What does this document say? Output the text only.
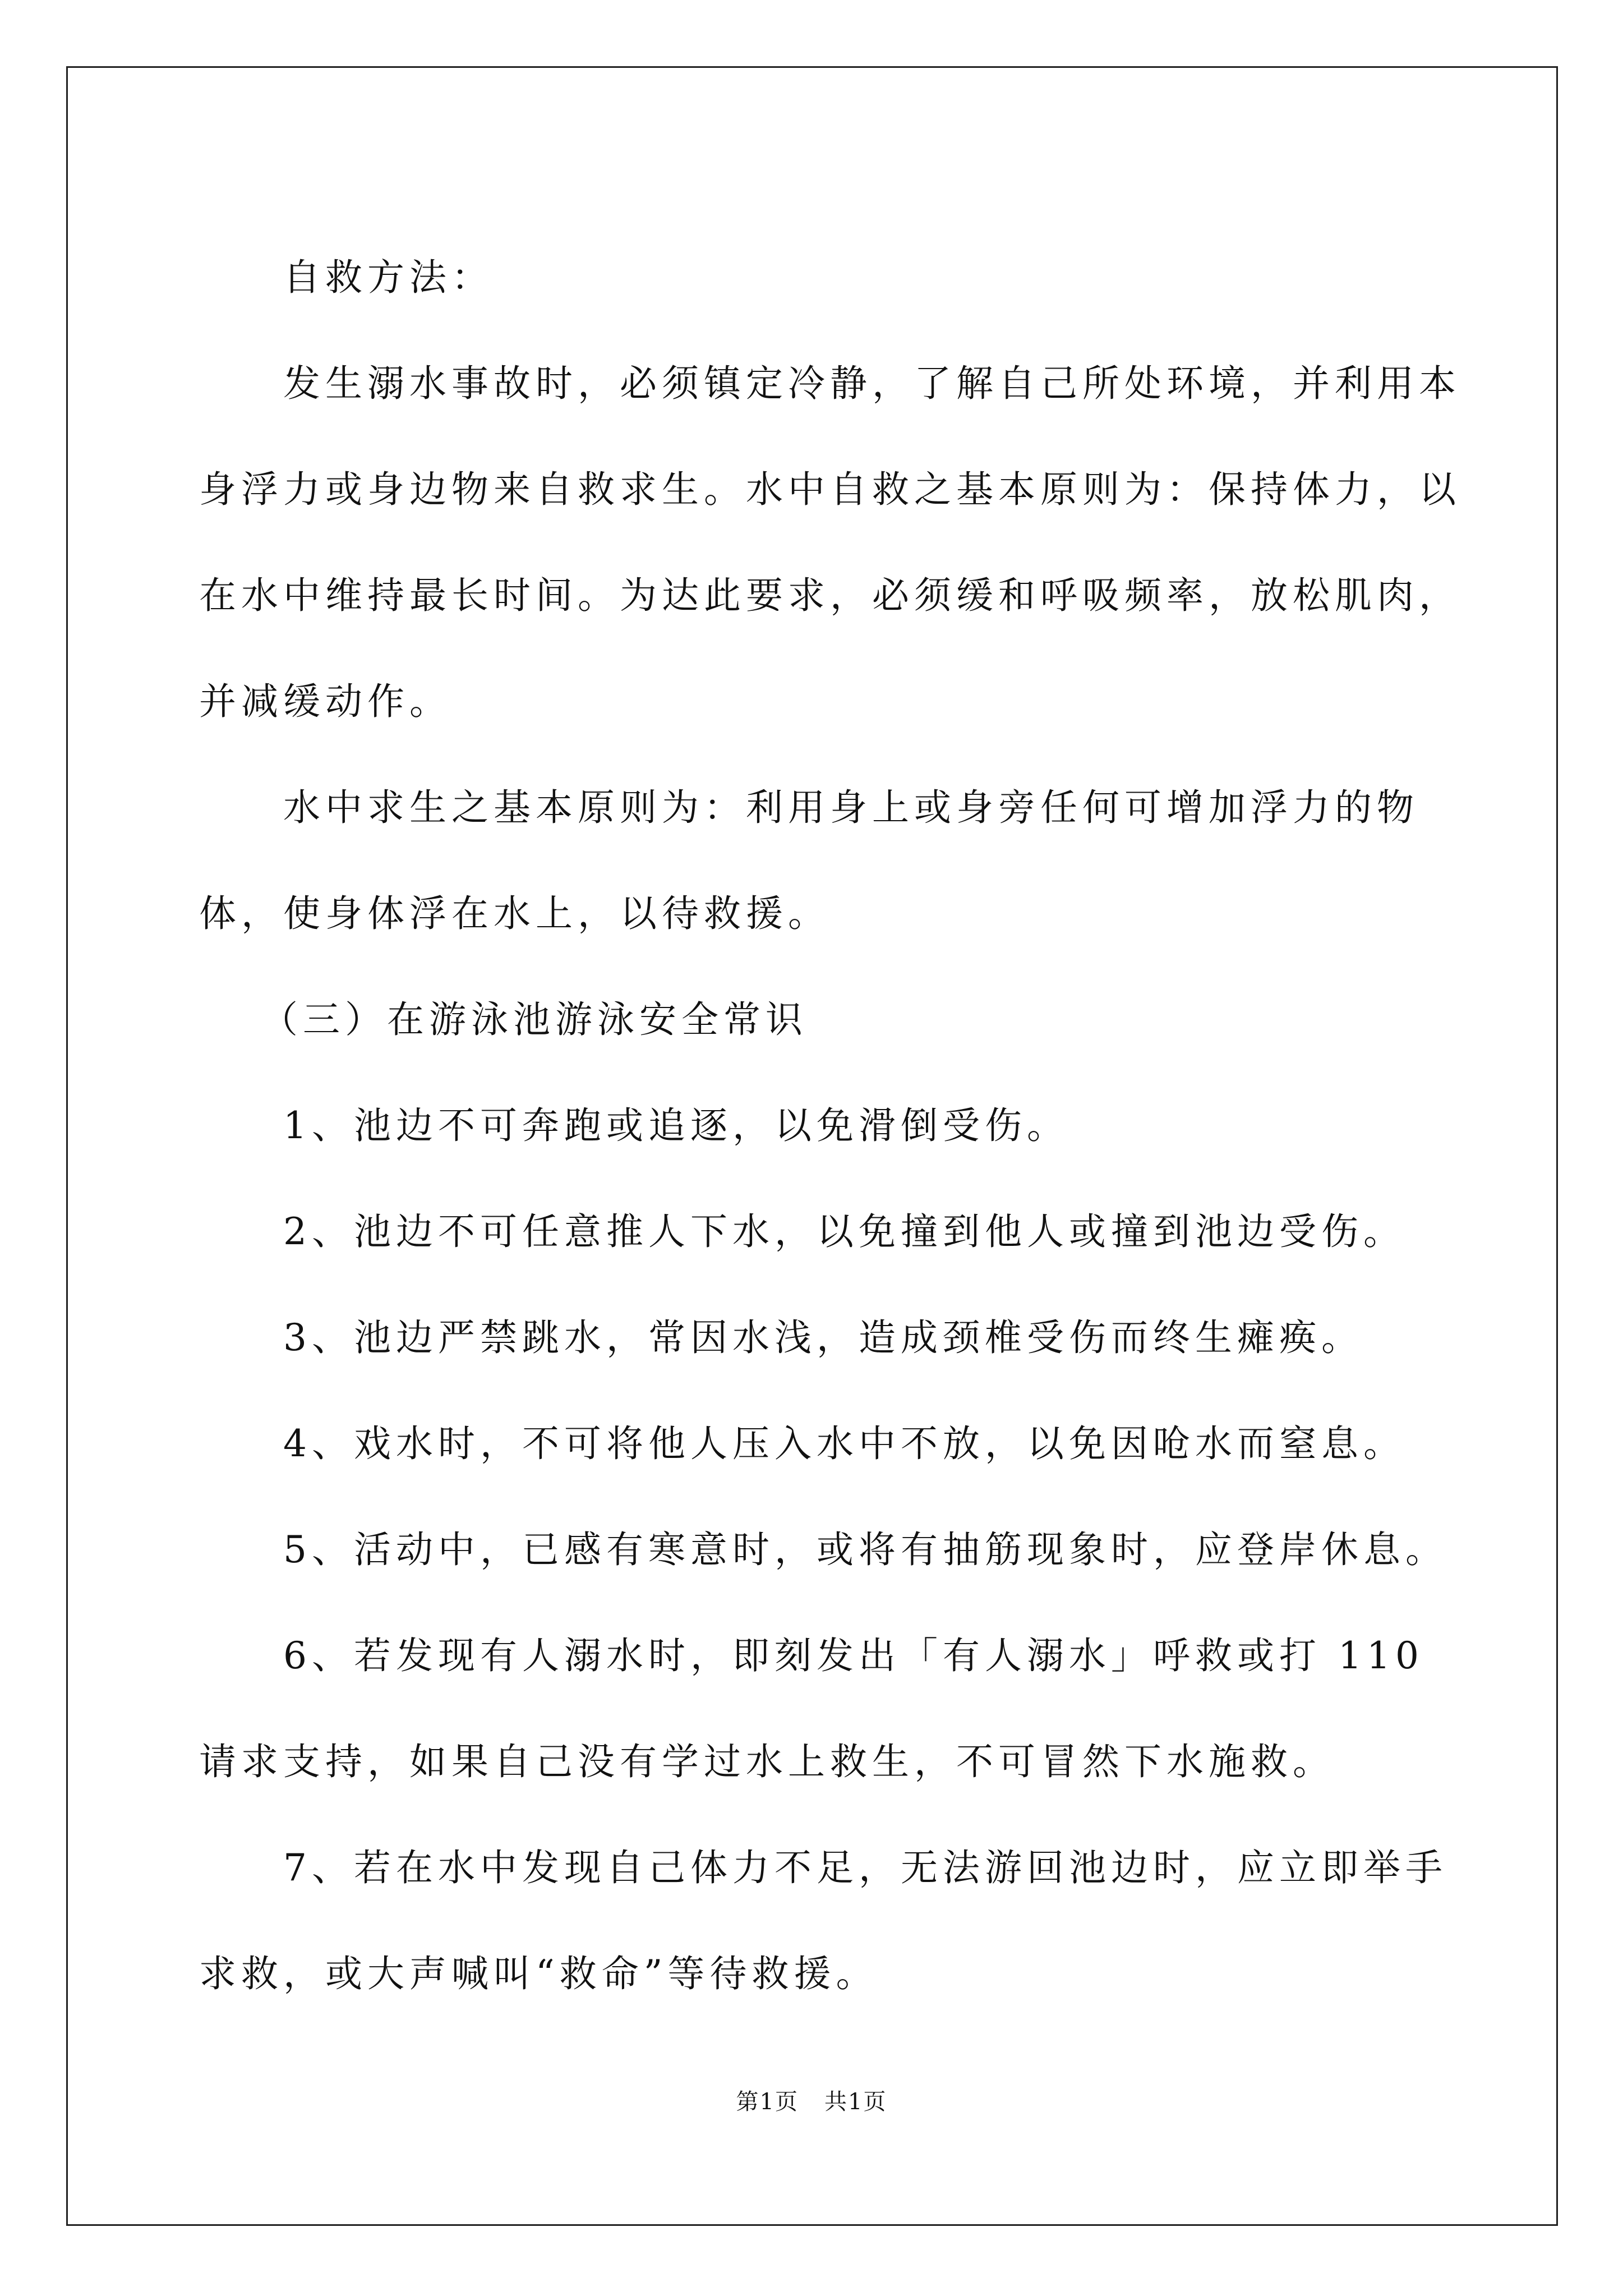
自救方法：

发生溺水事故时，必须镇定冷静，了解自己所处环境，并利用本身浮力或身边物来自救求生。水中自救之基本原则为：保持体力，以在水中维持最长时间。为达此要求，必须缓和呼吸频率，放松肌肉，并减缓动作。

水中求生之基本原则为：利用身上或身旁任何可增加浮力的物体，使身体浮在水上，以待救援。

（三）在游泳池游泳安全常识

1、池边不可奔跑或追逐，以免滑倒受伤。

2、池边不可任意推人下水，以免撞到他人或撞到池边受伤。

3、池边严禁跳水，常因水浅，造成颈椎受伤而终生瘫痪。

4、戏水时，不可将他人压入水中不放，以免因呛水而窒息。

5、活动中，已感有寒意时，或将有抽筋现象时，应登岸休息。

6、若发现有人溺水时，即刻发出「有人溺水」呼救或打 110 请求支持，如果自己没有学过水上救生，不可冒然下水施救。

7、若在水中发现自己体力不足，无法游回池边时，应立即举手求救，或大声喊叫“救命”等待救援。

第1页 共1页
